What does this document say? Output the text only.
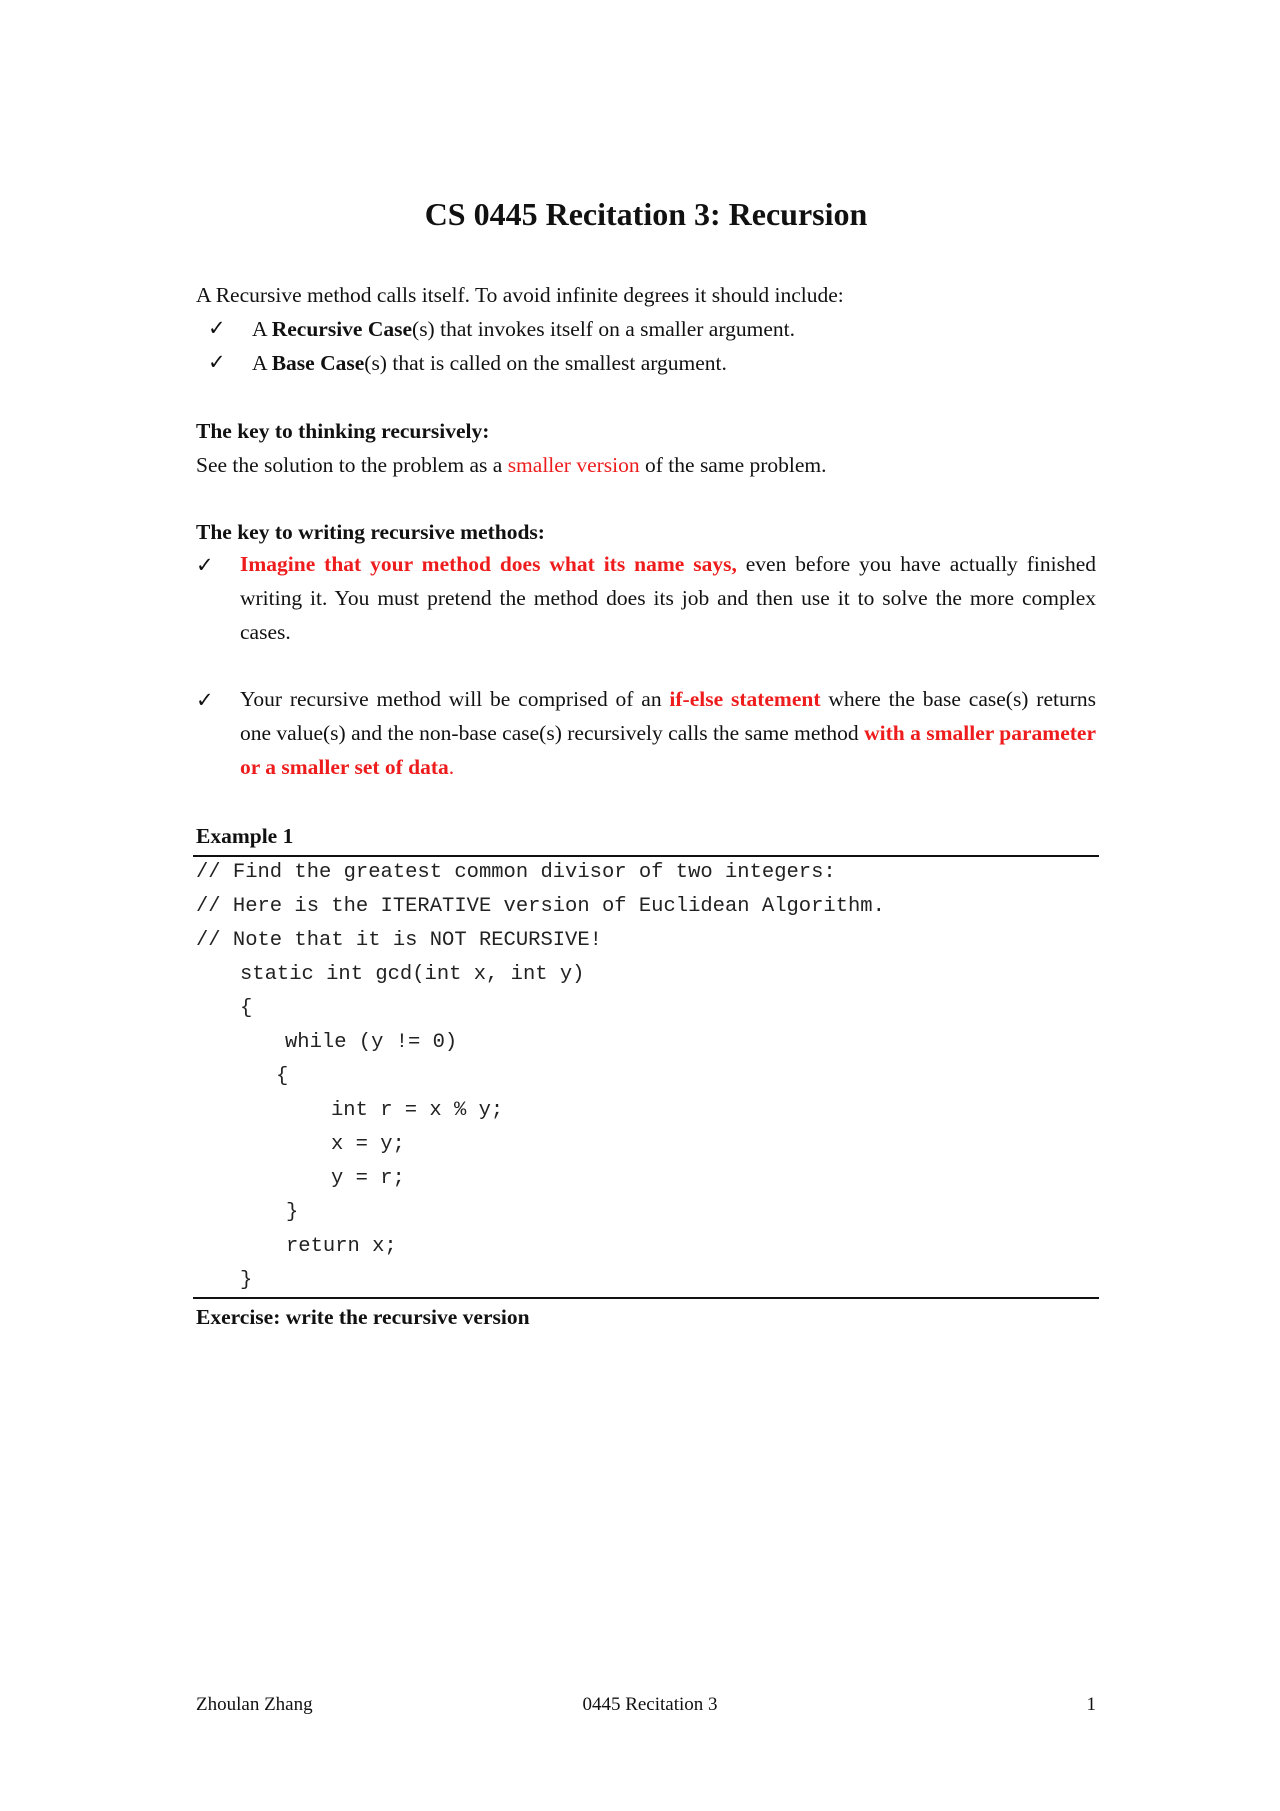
CS 0445 Recitation 3: Recursion
A Recursive method calls itself. To avoid infinite degrees it should include:
✓ A Recursive Case(s) that invokes itself on a smaller argument.
✓ A Base Case(s) that is called on the smallest argument.
The key to thinking recursively:
See the solution to the problem as a smaller version of the same problem.
The key to writing recursive methods:
✓ Imagine that your method does what its name says, even before you have actually finished writing it. You must pretend the method does its job and then use it to solve the more complex cases.
✓ Your recursive method will be comprised of an if-else statement where the base case(s) returns one value(s) and the non-base case(s) recursively calls the same method with a smaller parameter or a smaller set of data.
Example 1
// Find the greatest common divisor of two integers:
// Here is the ITERATIVE version of Euclidean Algorithm.
// Note that it is NOT RECURSIVE!
static int gcd(int x, int y)
{
while (y != 0)
{
int r = x % y;
x = y;
y = r;
}
return x;
}
Exercise: write the recursive version
Zhoulan Zhang	0445 Recitation 3	1
